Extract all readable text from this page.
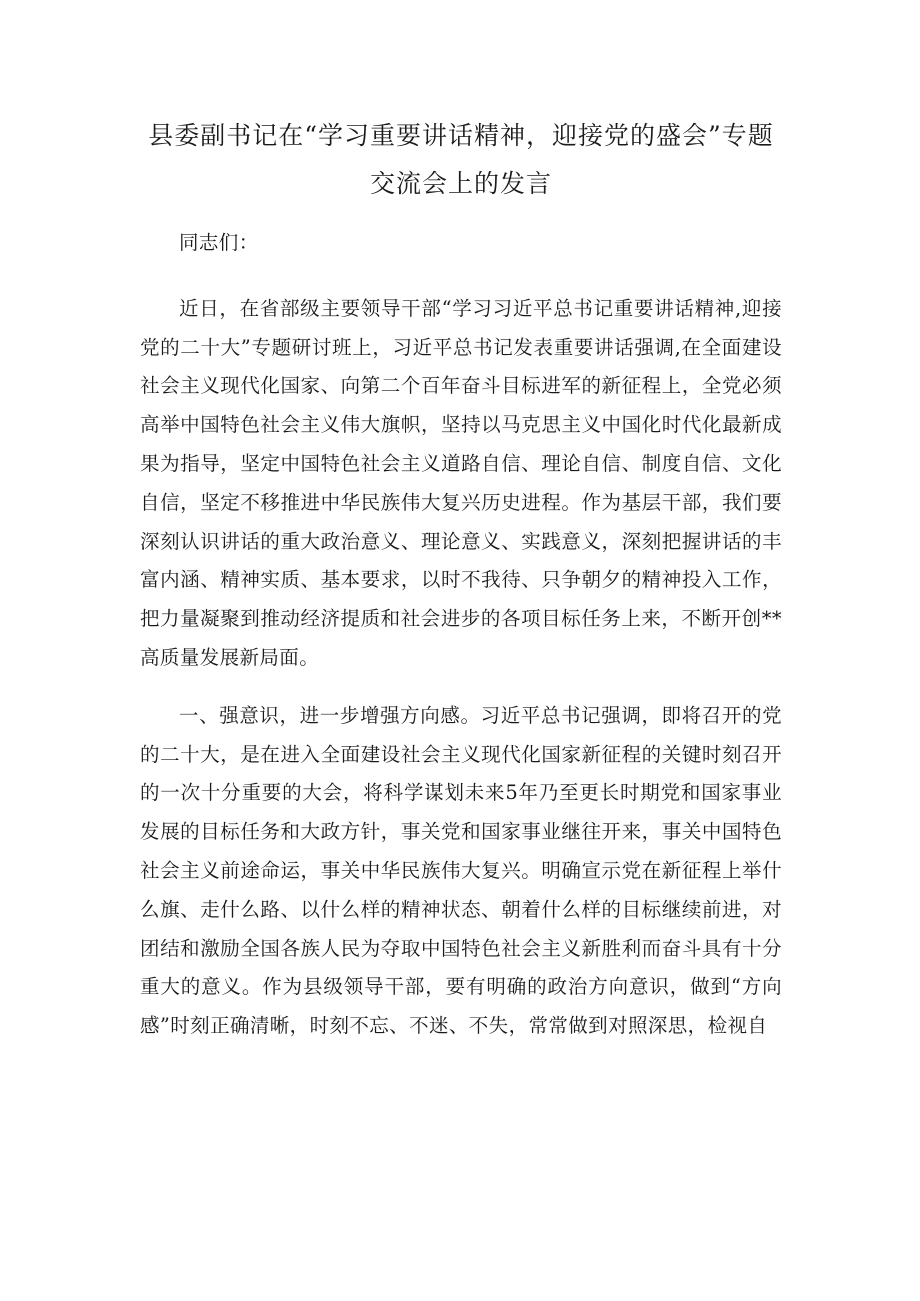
县委副书记在“学习重要讲话精神，迎接党的盛会”专题交流会上的发言

同志们：

近日，在省部级主要领导干部“学习习近平总书记重要讲话精神,迎接党的二十大”专题研讨班上，习近平总书记发表重要讲话强调,在全面建设社会主义现代化国家、向第二个百年奋斗目标进军的新征程上，全党必须高举中国特色社会主义伟大旗帜，坚持以马克思主义中国化时代化最新成果为指导，坚定中国特色社会主义道路自信、理论自信、制度自信、文化自信，坚定不移推进中华民族伟大复兴历史进程。作为基层干部，我们要深刻认识讲话的重大政治意义、理论意义、实践意义，深刻把握讲话的丰富内涵、精神实质、基本要求，以时不我待、只争朝夕的精神投入工作，把力量凝聚到推动经济提质和社会进步的各项目标任务上来，不断开创**高质量发展新局面。

一、强意识，进一步增强方向感。习近平总书记强调，即将召开的党的二十大，是在进入全面建设社会主义现代化国家新征程的关键时刻召开的一次十分重要的大会，将科学谋划未来5年乃至更长时期党和国家事业发展的目标任务和大政方针，事关党和国家事业继往开来，事关中国特色社会主义前途命运，事关中华民族伟大复兴。明确宣示党在新征程上举什么旗、走什么路、以什么样的精神状态、朝着什么样的目标继续前进，对团结和激励全国各族人民为夺取中国特色社会主义新胜利而奋斗具有十分重大的意义。作为县级领导干部，要有明确的政治方向意识，做到“方向感”时刻正确清晰，时刻不忘、不迷、不失，常常做到对照深思，检视自
